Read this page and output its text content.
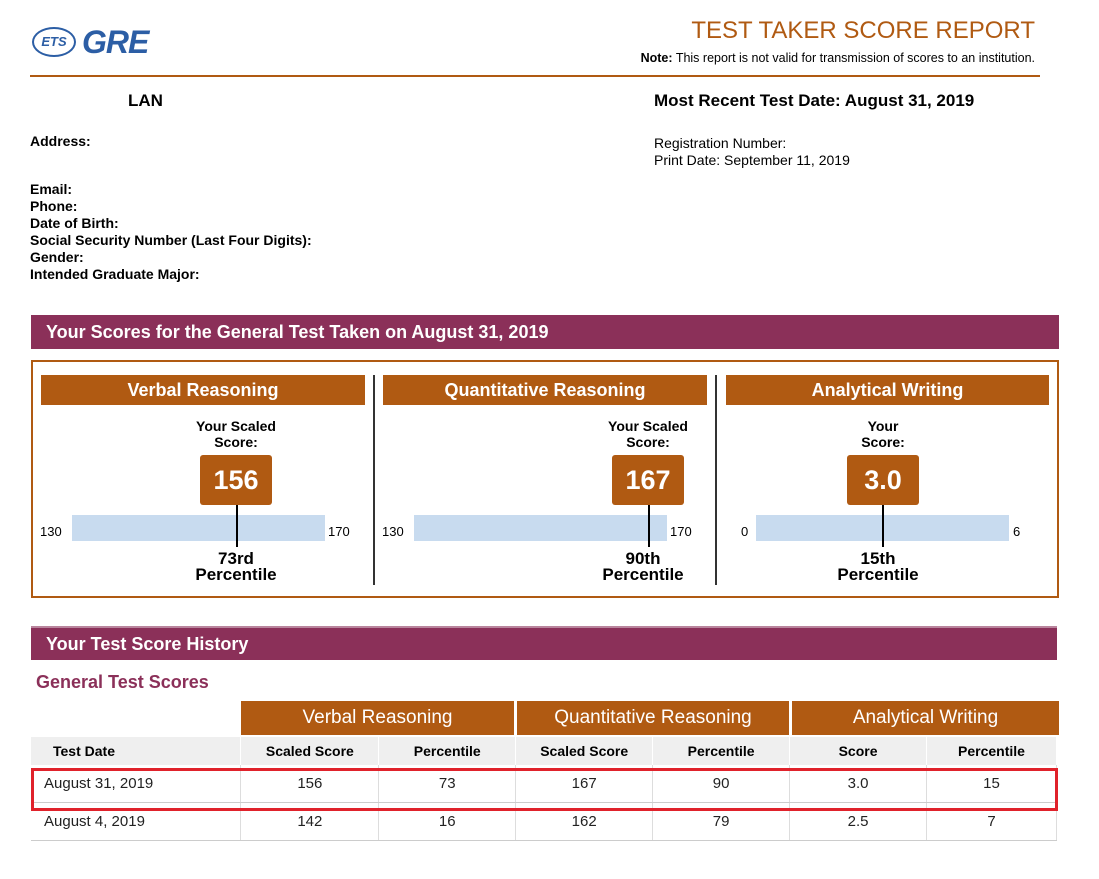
ETS GRE	TEST TAKER SCORE REPORT
Note: This report is not valid for transmission of scores to an institution.
LAN	Most Recent Test Date: August 31, 2019
Address:
Email:
Phone:
Date of Birth:
Social Security Number (Last Four Digits):
Gender:
Intended Graduate Major:
Registration Number:
Print Date: September 11, 2019
Your Scores for the General Test Taken on August 31, 2019
Verbal Reasoning
Your Scaled
Score:
156
130	170
73rd
Percentile
Quantitative Reasoning
Your Scaled
Score:
167
130	170
90th
Percentile
Analytical Writing
Your
Score:
3.0
0	6
15th
Percentile
Your Test Score History
General Test Scores
Verbal Reasoning	Quantitative Reasoning	Analytical Writing
Test Date	Scaled Score	Percentile	Scaled Score	Percentile	Score	Percentile
August 31, 2019	156	73	167	90	3.0	15
August 4, 2019	142	16	162	79	2.5	7
